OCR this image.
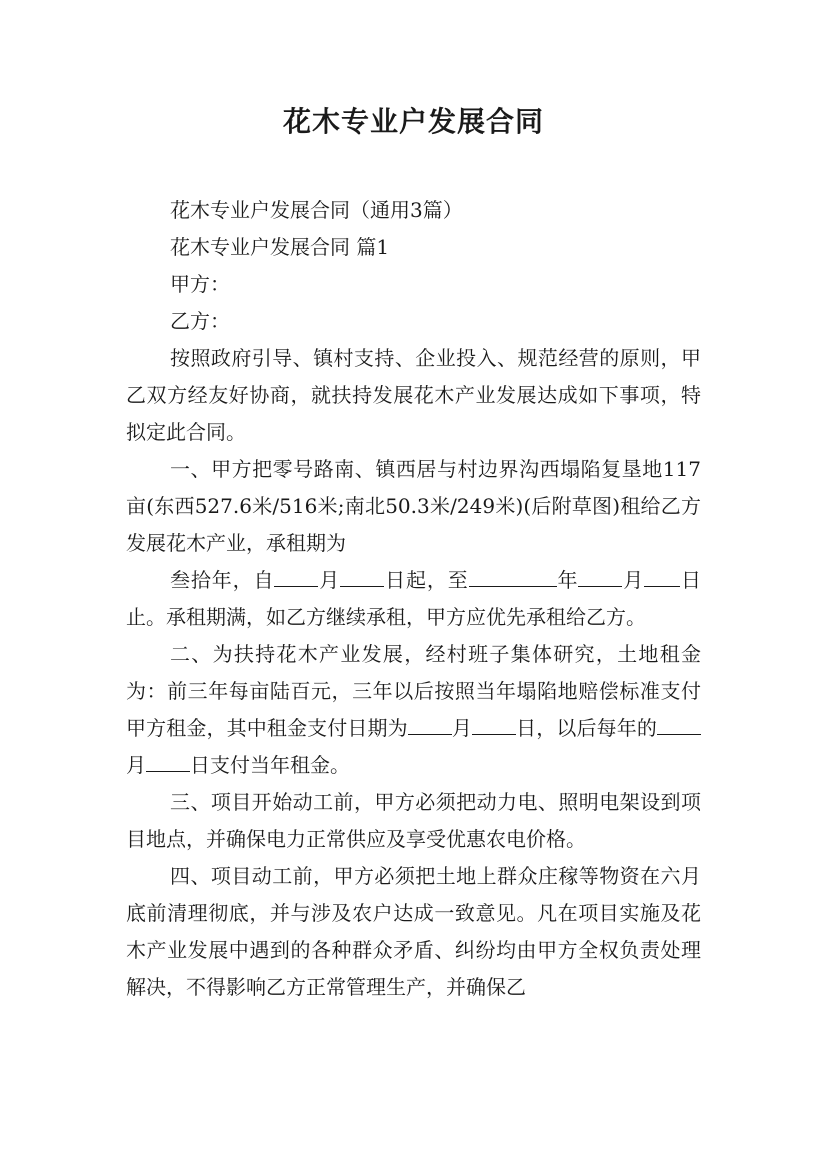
花木专业户发展合同

花木专业户发展合同（通用3篇）

花木专业户发展合同 篇1

甲方：

乙方：

按照政府引导、镇村支持、企业投入、规范经营的原则，甲乙双方经友好协商，就扶持发展花木产业发展达成如下事项，特拟定此合同。

一、甲方把零号路南、镇西居与村边界沟西塌陷复垦地117亩(东西527.6米/516米;南北50.3米/249米)(后附草图)租给乙方发展花木产业，承租期为

叁拾年，自 月 日起，至	年 月 日止。承租期满，如乙方继续承租，甲方应优先承租给乙方。

二、为扶持花木产业发展，经村班子集体研究，土地租金为：前三年每亩陆百元，三年以后按照当年塌陷地赔偿标准支付甲方租金，其中租金支付日期为 月 日，以后每年的月 日支付当年租金。

三、项目开始动工前，甲方必须把动力电、照明电架设到项目地点，并确保电力正常供应及享受优惠农电价格。

四、项目动工前，甲方必须把土地上群众庄稼等物资在六月底前清理彻底，并与涉及农户达成一致意见。凡在项目实施及花木产业发展中遇到的各种群众矛盾、纠纷均由甲方全权负责处理解决，不得影响乙方正常管理生产，并确保乙
